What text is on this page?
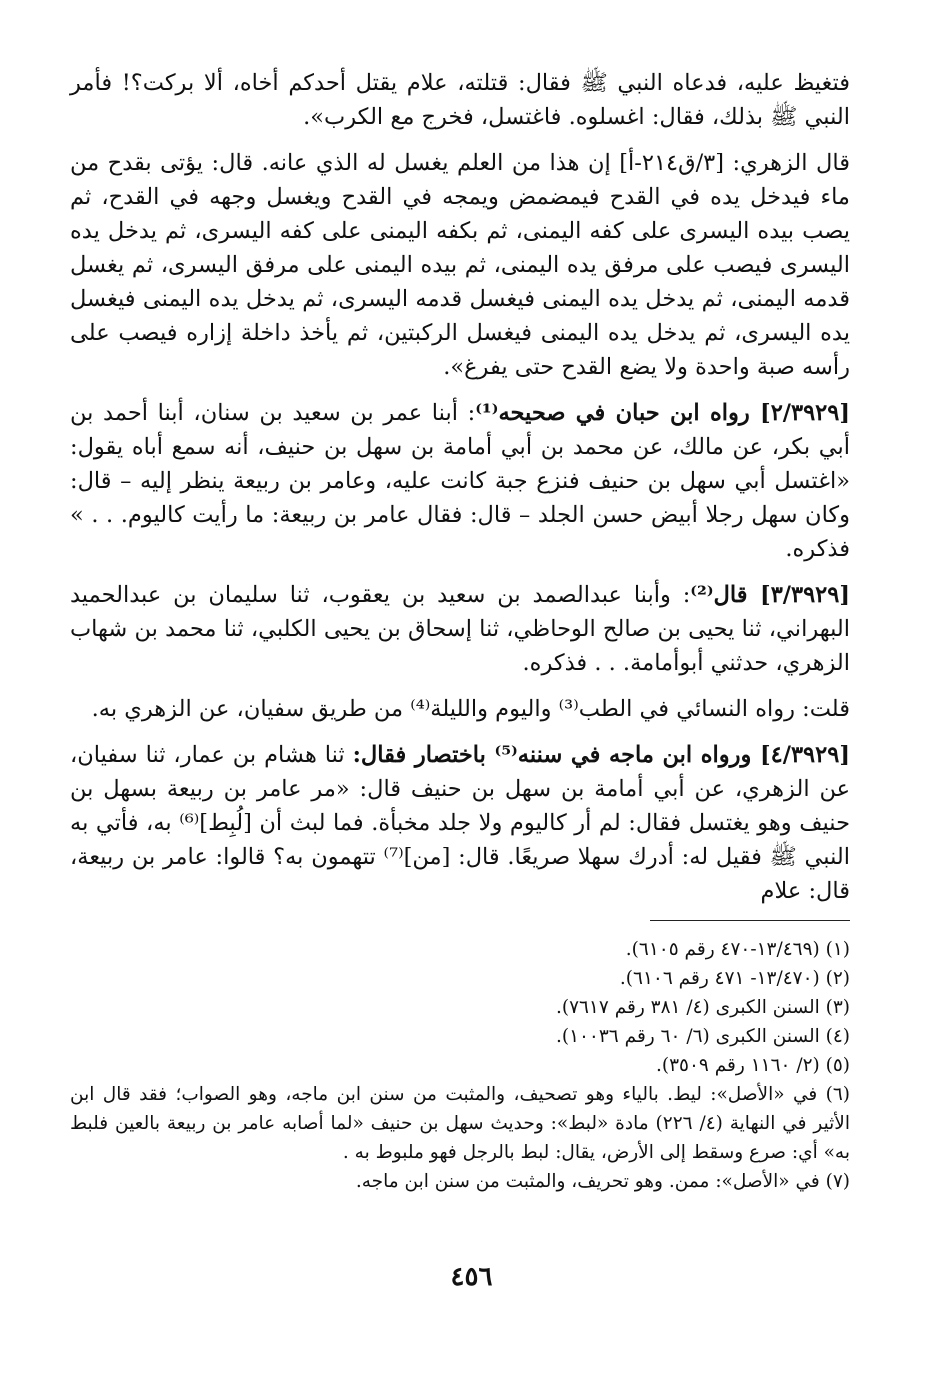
فتغيظ عليه، فدعاه النبي ﷺ فقال: قتلته، علام يقتل أحدكم أخاه، ألا بركت؟! فأمر النبي ﷺ بذلك، فقال: اغسلوه. فاغتسل، فخرج مع الكرب».

قال الزهري: [٣/ق٢١٤-أ] إن هذا من العلم يغسل له الذي عانه. قال: يؤتى بقدح من ماء فيدخل يده في القدح فيمضمض ويمجه في القدح ويغسل وجهه في القدح، ثم يصب بيده اليسرى على كفه اليمنى، ثم بكفه اليمنى على كفه اليسرى، ثم يدخل يده اليسرى فيصب على مرفق يده اليمنى، ثم بيده اليمنى على مرفق اليسرى، ثم يغسل قدمه اليمنى، ثم يدخل يده اليمنى فيغسل قدمه اليسرى، ثم يدخل يده اليمنى فيغسل يده اليسرى، ثم يدخل يده اليمنى فيغسل الركبتين، ثم يأخذ داخلة إزاره فيصب على رأسه صبة واحدة ولا يضع القدح حتى يفرغ».

[٢/٣٩٢٩] رواه ابن حبان في صحيحه⁽¹⁾: أبنا عمر بن سعيد بن سنان، أبنا أحمد بن أبي بكر، عن مالك، عن محمد بن أبي أمامة بن سهل بن حنيف، أنه سمع أباه يقول: «اغتسل أبي سهل بن حنيف فنزع جبة كانت عليه، وعامر بن ربيعة ينظر إليه – قال: وكان سهل رجلا أبيض حسن الجلد – قال: فقال عامر بن ربيعة: ما رأيت كاليوم. . . » فذكره.

[٣/٣٩٢٩] قال⁽²⁾: وأبنا عبدالصمد بن سعيد بن يعقوب، ثنا سليمان بن عبدالحميد البهراني، ثنا يحيى بن صالح الوحاظي، ثنا إسحاق بن يحيى الكلبي، ثنا محمد بن شهاب الزهري، حدثني أبوأمامة. . . فذكره.

قلت: رواه النسائي في الطب⁽³⁾ واليوم والليلة⁽⁴⁾ من طريق سفيان، عن الزهري به.

[٤/٣٩٢٩] ورواه ابن ماجه في سننه⁽⁵⁾ باختصار فقال: ثنا هشام بن عمار، ثنا سفيان، عن الزهري، عن أبي أمامة بن سهل بن حنيف قال: «مر عامر بن ربيعة بسهل بن حنيف وهو يغتسل فقال: لم أر كاليوم ولا جلد مخبأة. فما لبث أن [لُبِط]⁽⁶⁾ به، فأتي به النبي ﷺ فقيل له: أدرك سهلا صريعًا. قال: [من]⁽⁷⁾ تتهمون به؟ قالوا: عامر بن ربيعة، قال: علام

(١) (١٣/٤٦٩-٤٧٠ رقم ٦١٠٥).

(٢) (١٣/٤٧٠- ٤٧١ رقم ٦١٠٦).

(٣) السنن الكبرى (٤/ ٣٨١ رقم ٧٦١٧).

(٤) السنن الكبرى (٦/ ٦٠ رقم ١٠٠٣٦).

(٥) (٢/ ١١٦٠ رقم ٣٥٠٩).

(٦) في «الأصل»: ليط. بالياء وهو تصحيف، والمثبت من سنن ابن ماجه، وهو الصواب؛ فقد قال ابن الأثير في النهاية (٤/ ٢٢٦) مادة «لبط»: وحديث سهل بن حنيف «لما أصابه عامر بن ربيعة بالعين فلبط به» أي: صرع وسقط إلى الأرض، يقال: لبط بالرجل فهو ملبوط به .

(٧) في «الأصل»: ممن. وهو تحريف، والمثبت من سنن ابن ماجه.

٤٥٦
